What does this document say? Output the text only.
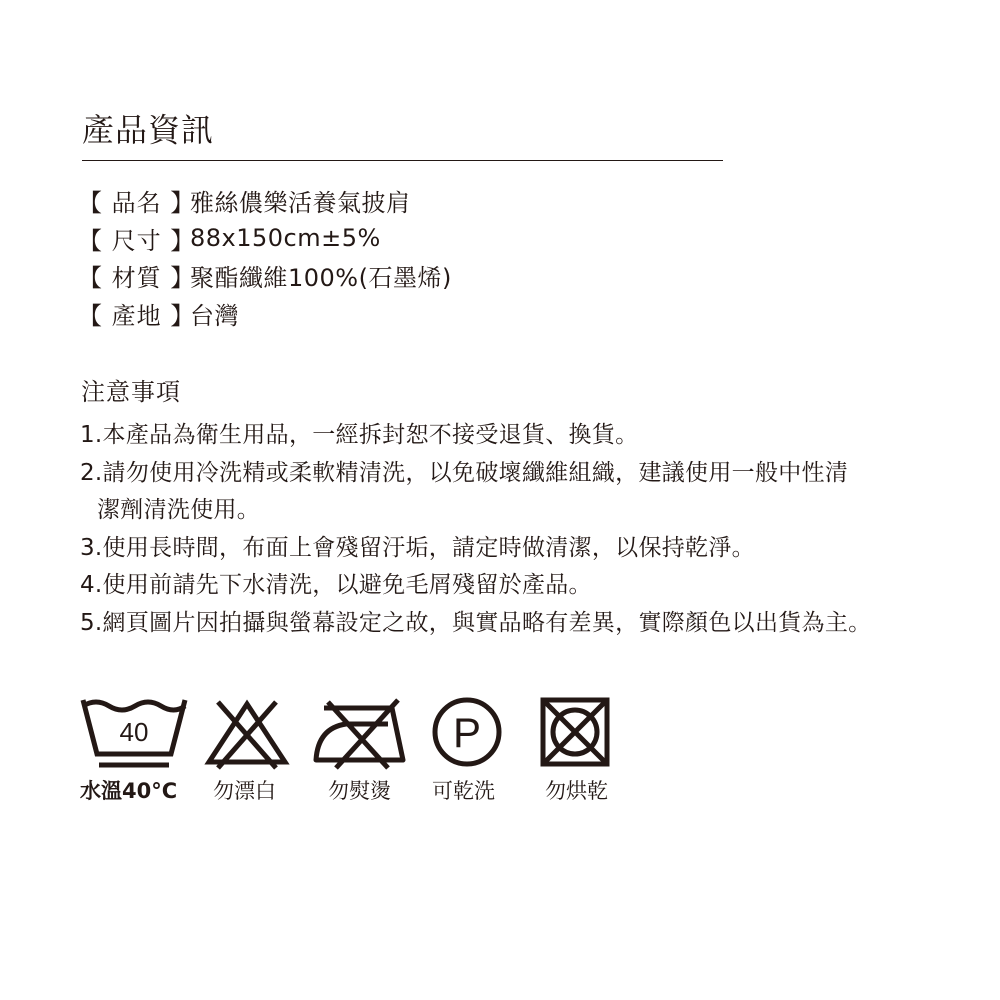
產品資訊
【 品名 】
雅絲儂樂活養氣披肩
【 尺寸 】
88x150cm±5%
【 材質 】
聚酯纖維100%(石墨烯)
【 產地 】
台灣
注意事項
1.本產品為衛生用品，一經拆封恕不接受退貨、換貨。
2.請勿使用冷洗精或柔軟精清洗，以免破壞纖維組織，建議使用一般中性清
潔劑清洗使用。
3.使用長時間，布面上會殘留汙垢，請定時做清潔，以保持乾淨。
4.使用前請先下水清洗，以避免毛屑殘留於產品。
5.網頁圖片因拍攝與螢幕設定之故，與實品略有差異，實際顏色以出貨為主。
40	P
水溫40°C 勿漂白 勿熨燙 可乾洗 勿烘乾
